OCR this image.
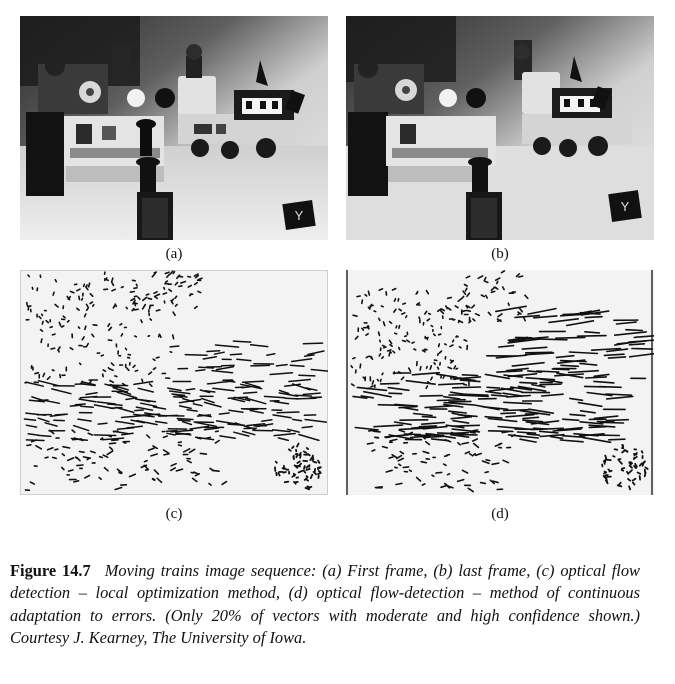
Y
Y
(a)	(b)
(c)	(d)
Figure 14.7 Moving trains image sequence: (a) First frame, (b) last frame, (c) optical flow detection – local optimization method, (d) optical flow-detection – method of continuous adaptation to errors. (Only 20% of vectors with moderate and high confidence shown.) Courtesy J. Kearney, The University of Iowa.
